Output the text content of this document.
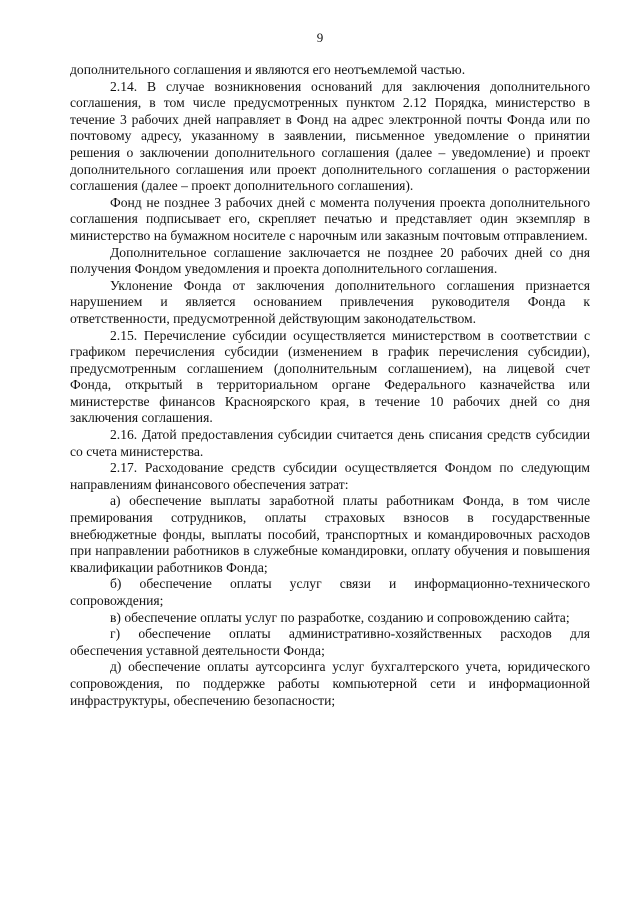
9

дополнительного соглашения и являются его неотъемлемой частью.

2.14. В случае возникновения оснований для заключения дополнительного соглашения, в том числе предусмотренных пунктом 2.12 Порядка, министерство в течение 3 рабочих дней направляет в Фонд на адрес электронной почты Фонда или по почтовому адресу, указанному в заявлении, письменное уведомление о принятии решения о заключении дополнительного соглашения (далее – уведомление) и проект дополнительного соглашения или проект дополнительного соглашения о расторжении соглашения (далее – проект дополнительного соглашения).

Фонд не позднее 3 рабочих дней с момента получения проекта дополнительного соглашения подписывает его, скрепляет печатью и представляет один экземпляр в министерство на бумажном носителе с нарочным или заказным почтовым отправлением.

Дополнительное соглашение заключается не позднее 20 рабочих дней со дня получения Фондом уведомления и проекта дополнительного соглашения.

Уклонение Фонда от заключения дополнительного соглашения признается нарушением и является основанием привлечения руководителя Фонда к ответственности, предусмотренной действующим законодательством.

2.15. Перечисление субсидии осуществляется министерством в соответствии с графиком перечисления субсидии (изменением в график перечисления субсидии), предусмотренным соглашением (дополнительным соглашением), на лицевой счет Фонда, открытый в территориальном органе Федерального казначейства или министерстве финансов Красноярского края, в течение 10 рабочих дней со дня заключения соглашения.

2.16. Датой предоставления субсидии считается день списания средств субсидии со счета министерства.

2.17. Расходование средств субсидии осуществляется Фондом по следующим направлениям финансового обеспечения затрат:

а) обеспечение выплаты заработной платы работникам Фонда, в том числе премирования сотрудников, оплаты страховых взносов в государственные внебюджетные фонды, выплаты пособий, транспортных и командировочных расходов при направлении работников в служебные командировки, оплату обучения и повышения квалификации работников Фонда;

б) обеспечение оплаты услуг связи и информационно-технического сопровождения;

в) обеспечение оплаты услуг по разработке, созданию и сопровождению сайта;

г) обеспечение оплаты административно-хозяйственных расходов для обеспечения уставной деятельности Фонда;

д) обеспечение оплаты аутсорсинга услуг бухгалтерского учета, юридического сопровождения, по поддержке работы компьютерной сети и информационной инфраструктуры, обеспечению безопасности;
